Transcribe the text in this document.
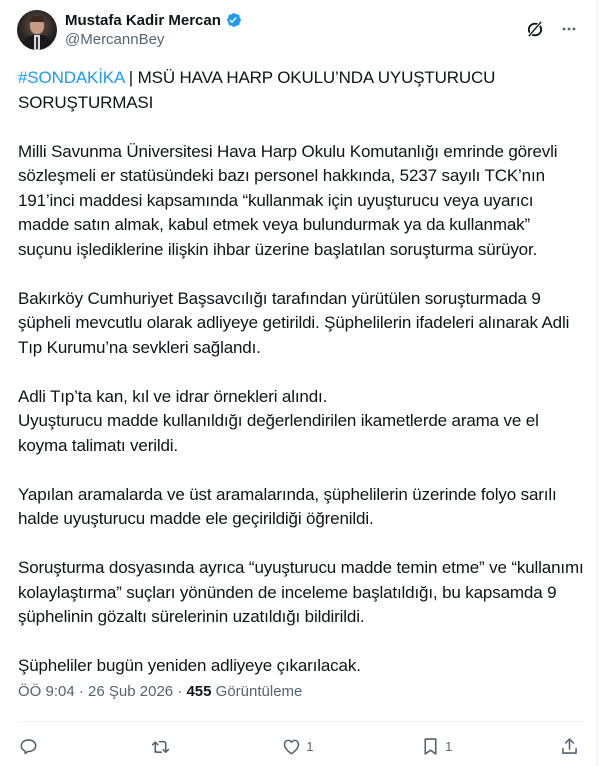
Mustafa Kadir Mercan
@MercannBey

#SONDAKİKA | MSÜ HAVA HARP OKULU’NDA UYUŞTURUCU SORUŞTURMASI

Milli Savunma Üniversitesi Hava Harp Okulu Komutanlığı emrinde görevli sözleşmeli er statüsündeki bazı personel hakkında, 5237 sayılı TCK’nın 191’inci maddesi kapsamında “kullanmak için uyuşturucu veya uyarıcı madde satın almak, kabul etmek veya bulundurmak ya da kullanmak” suçunu işlediklerine ilişkin ihbar üzerine başlatılan soruşturma sürüyor.

Bakırköy Cumhuriyet Başsavcılığı tarafından yürütülen soruşturmada 9 şüpheli mevcutlu olarak adliyeye getirildi. Şüphelilerin ifadeleri alınarak Adli Tıp Kurumu’na sevkleri sağlandı.

Adli Tıp’ta kan, kıl ve idrar örnekleri alındı.
Uyuşturucu madde kullanıldığı değerlendirilen ikametlerde arama ve el koyma talimatı verildi.

Yapılan aramalarda ve üst aramalarında, şüphelilerin üzerinde folyo sarılı halde uyuşturucu madde ele geçirildiği öğrenildi.

Soruşturma dosyasında ayrıca “uyuşturucu madde temin etme” ve “kullanımı kolaylaştırma” suçları yönünden de inceleme başlatıldığı, bu kapsamda 9 şüphelinin gözaltı sürelerinin uzatıldığı bildirildi.

Şüpheliler bugün yeniden adliyeye çıkarılacak.

ÖÖ 9:04 · 26 Şub 2026 · 455 Görüntüleme
1	1
